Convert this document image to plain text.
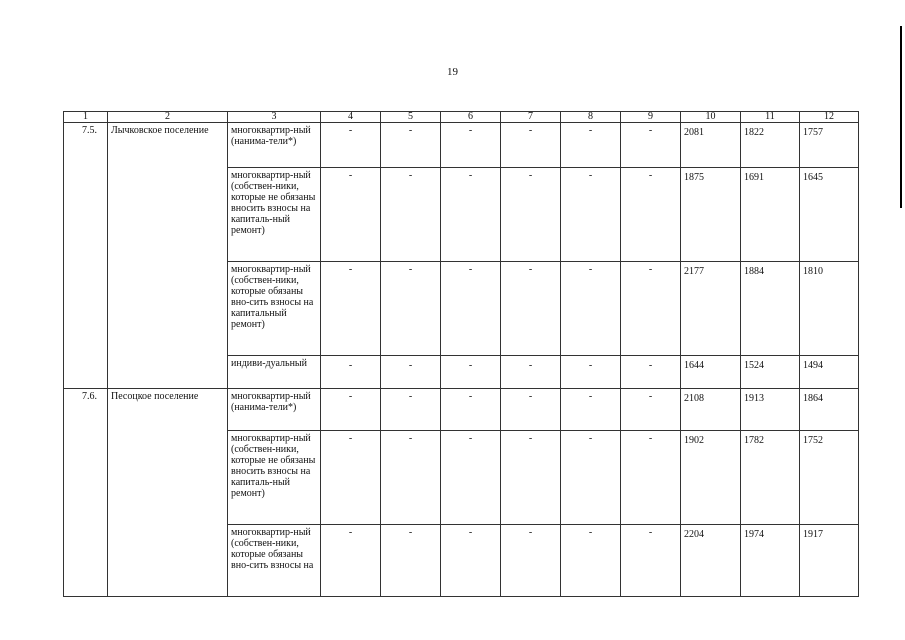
19
1	2	3	4	5	6	7	8	9	10	11	12
7.5.	Лычковское поселение	многоквартир-ный (нанима-тели*)	-	-	-	-	-	-	2081	1822	1757
		многоквартир-ный (собствен-ники, которые не обязаны вносить взносы на капиталь-ный ремонт)	-	-	-	-	-	-	1875	1691	1645
		многоквартир-ный (собствен-ники, которые обязаны вно-сить взносы на капитальный ремонт)	-	-	-	-	-	-	2177	1884	1810
		индиви-дуальный	-	-	-	-	-	-	1644	1524	1494
7.6.	Песоцкое поселение	многоквартир-ный (нанима-тели*)	-	-	-	-	-	-	2108	1913	1864
		многоквартир-ный (собствен-ники, которые не обязаны вносить взносы на капиталь-ный ремонт)	-	-	-	-	-	-	1902	1782	1752
		многоквартир-ный (собствен-ники, которые обязаны вно-сить взносы на	-	-	-	-	-	-	2204	1974	1917
